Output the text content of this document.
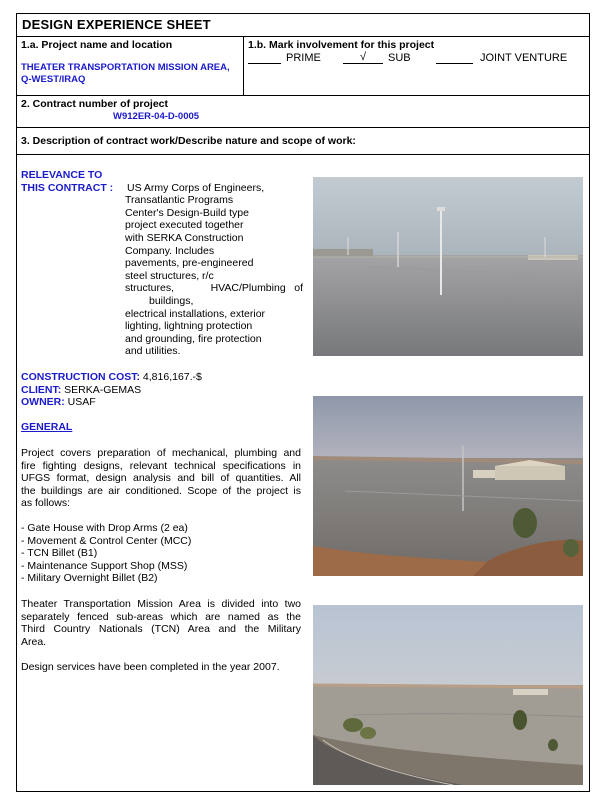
DESIGN EXPERIENCE SHEET
1.a. Project name and location
THEATER TRANSPORTATION MISSION AREA,
Q-WEST/IRAQ
1.b. Mark involvement for this project
PRIME	√ SUB	JOINT VENTURE
2. Contract number of project
W912ER-04-D-0005
3. Description of contract work/Describe nature and scope of work:
RELEVANCE TO
THIS CONTRACT : US Army Corps of Engineers,
Transatlantic Programs
Center's Design-Build type
project executed together
with SERKA Construction
Company. Includes
pavements, pre-engineered
steel structures, r/c
structures,	HVAC/Plumbing of
buildings,
electrical installations, exterior
lighting, lightning protection
and grounding, fire protection
and utilities.
CONSTRUCTION COST: 4,816,167.-$
CLIENT: SERKA-GEMAS
OWNER: USAF
GENERAL
Project covers preparation of mechanical, plumbing and
fire fighting designs, relevant technical specifications in
UFGS format, design analysis and bill of quantities. All
the buildings are air conditioned. Scope of the project is
as follows:
- Gate House with Drop Arms (2 ea)
- Movement & Control Center (MCC)
- TCN Billet (B1)
- Maintenance Support Shop (MSS)
- Military Overnight Billet (B2)
Theater Transportation Mission Area is divided into two
separately fenced sub-areas which are named as the
Third Country Nationals (TCN) Area and the Military
Area.
Design services have been completed in the year 2007.
